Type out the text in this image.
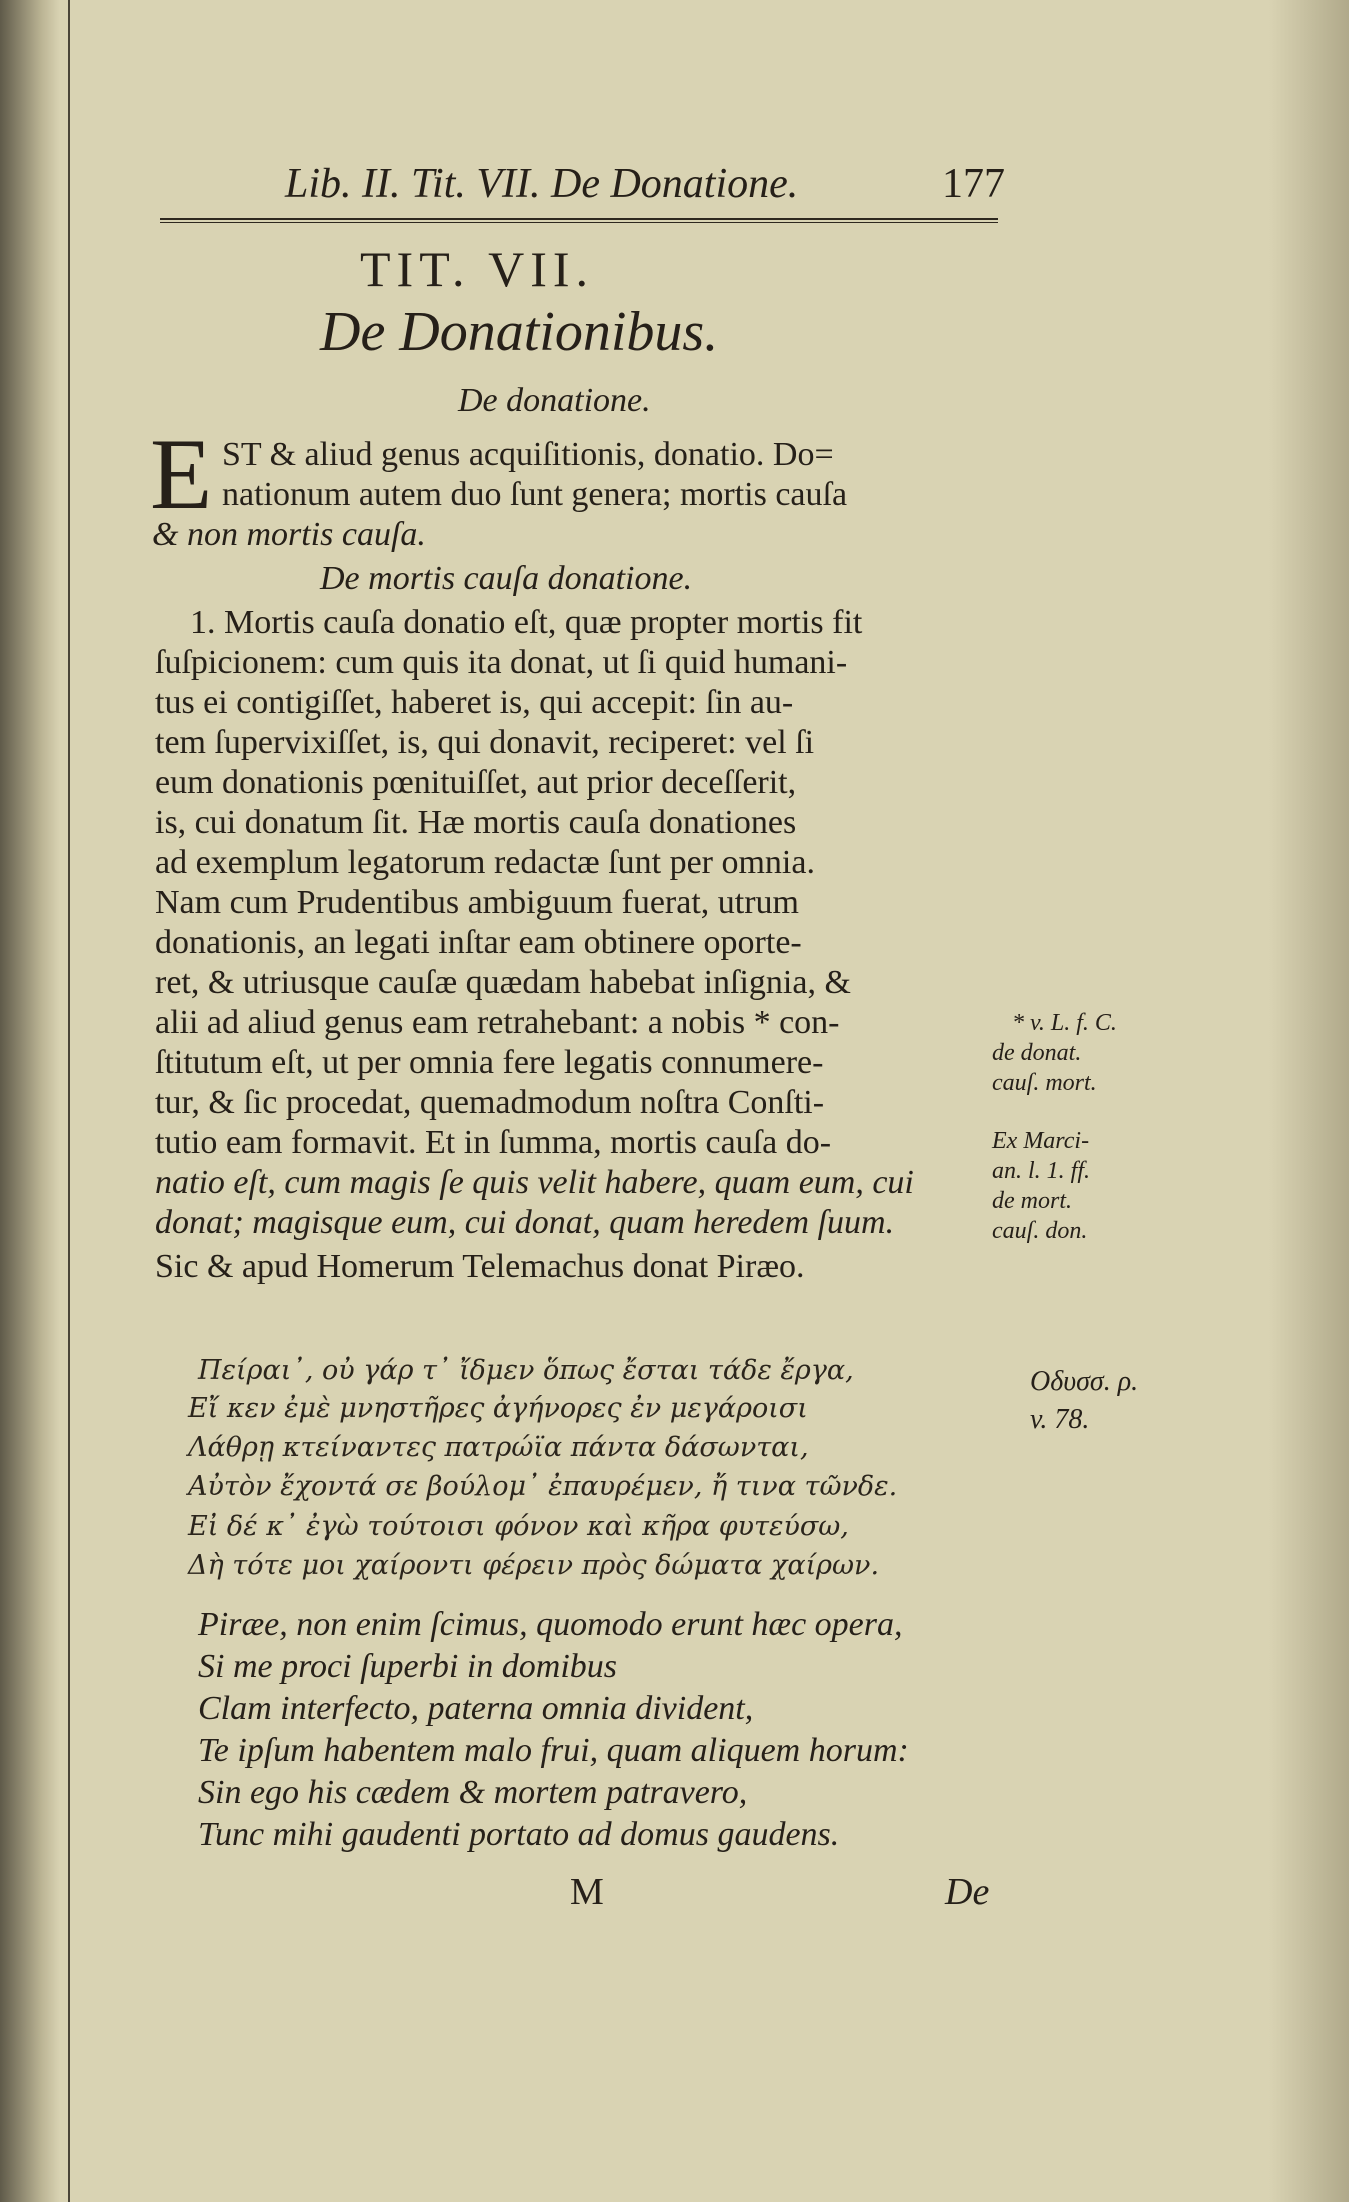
Lib. II. Tit. VII. De Donatione.	177
TIT. VII.
De Donationibus.
De donatione.
E ST & aliud genus acquiſitionis, donatio. Do=
nationum autem duo ſunt genera; mortis cauſa
& non mortis cauſa.
De mortis cauſa donatione.
1. Mortis cauſa donatio eſt, quæ propter mortis fit
ſuſpicionem: cum quis ita donat, ut ſi quid humani-
tus ei contigiſſet, haberet is, qui accepit: ſin au-
tem ſupervixiſſet, is, qui donavit, reciperet: vel ſi
eum donationis pœnituiſſet, aut prior deceſſerit,
is, cui donatum ſit. Hæ mortis cauſa donationes
ad exemplum legatorum redactæ ſunt per omnia.
Nam cum Prudentibus ambiguum fuerat, utrum
donationis, an legati inſtar eam obtinere oporte-
ret, & utriusque cauſæ quædam habebat inſignia, &
alii ad aliud genus eam retrahebant: a nobis * con-
ſtitutum eſt, ut per omnia fere legatis connumere-
tur, & ſic procedat, quemadmodum noſtra Conſti-
tutio eam formavit. Et in ſumma, mortis cauſa do-
natio eſt, cum magis ſe quis velit habere, quam eum, cui
donat; magisque eum, cui donat, quam heredem ſuum.
Sic & apud Homerum Telemachus donat Piræo.
* v. L. f. C.
de donat.
cauſ. mort.
Ex Marci-
an. l. 1. ff.
de mort.
cauſ. don.
Πείραι᾿, οὐ γάρ τ᾿ ἴδμεν ὅπως ἔσται τάδε ἔργα,
Εἴ κεν ἐμὲ μνηστῆρες ἀγήνορες ἐν μεγάροισι
Λάθρῃ κτείναντες πατρώϊα πάντα δάσωνται,
Αὐτὸν ἔχοντά σε βούλομ᾿ ἐπαυρέμεν, ἤ τινα τῶνδε.
Εἰ δέ κ᾿ ἐγὼ τούτοισι φόνον καὶ κῆρα φυτεύσω,
Δὴ τότε μοι χαίροντι φέρειν πρὸς δώματα χαίρων.
Οδυσσ. ρ.
v. 78.
Piræe, non enim ſcimus, quomodo erunt hæc opera,
Si me proci ſuperbi in domibus
Clam interfecto, paterna omnia divident,
Te ipſum habentem malo frui, quam aliquem horum:
Sin ego his cædem & mortem patravero,
Tunc mihi gaudenti portato ad domus gaudens.
M	De
